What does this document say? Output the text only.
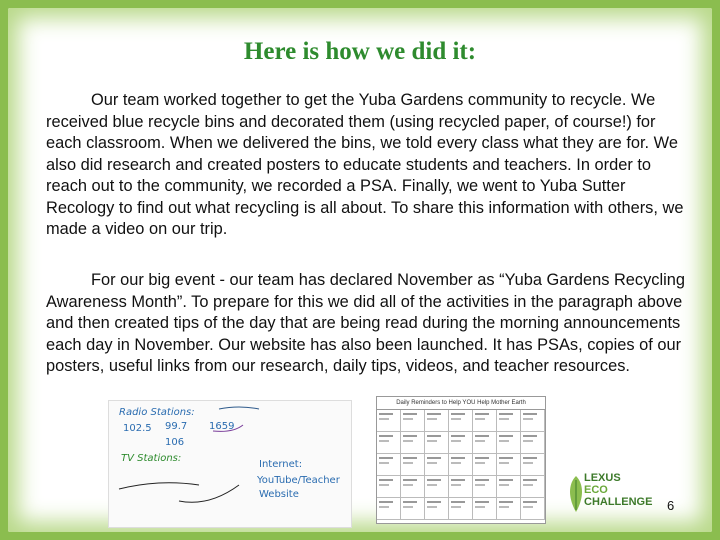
Here is how we did it:

Our team worked together to get the Yuba Gardens community to recycle. We received blue recycle bins and decorated them (using recycled paper, of course!) for each classroom. When we delivered the bins, we told every class what they are for. We also did research and created posters to educate students and teachers. In order to reach out to the community, we recorded a PSA. Finally, we went to Yuba Sutter Recology to find out what recycling is all about. To share this information with others, we made a video on our trip.

For our big event - our team has declared November as “Yuba Gardens Recycling Awareness Month”. To prepare for this we did all of the activities in the paragraph above and then created tips of the day that are being read during the morning announcements each day in November. Our website has also been launched. It has PSAs, copies of our posters, useful links from our research, daily tips, videos, and teacher resources.

Radio Stations:
102.5 99.7 1659
106
TV Stations:
Internet:
YouTube/Teacher
Website
Daily Reminders to Help YOU Help Mother Earth
LEXUS
ECO
CHALLENGE 6
